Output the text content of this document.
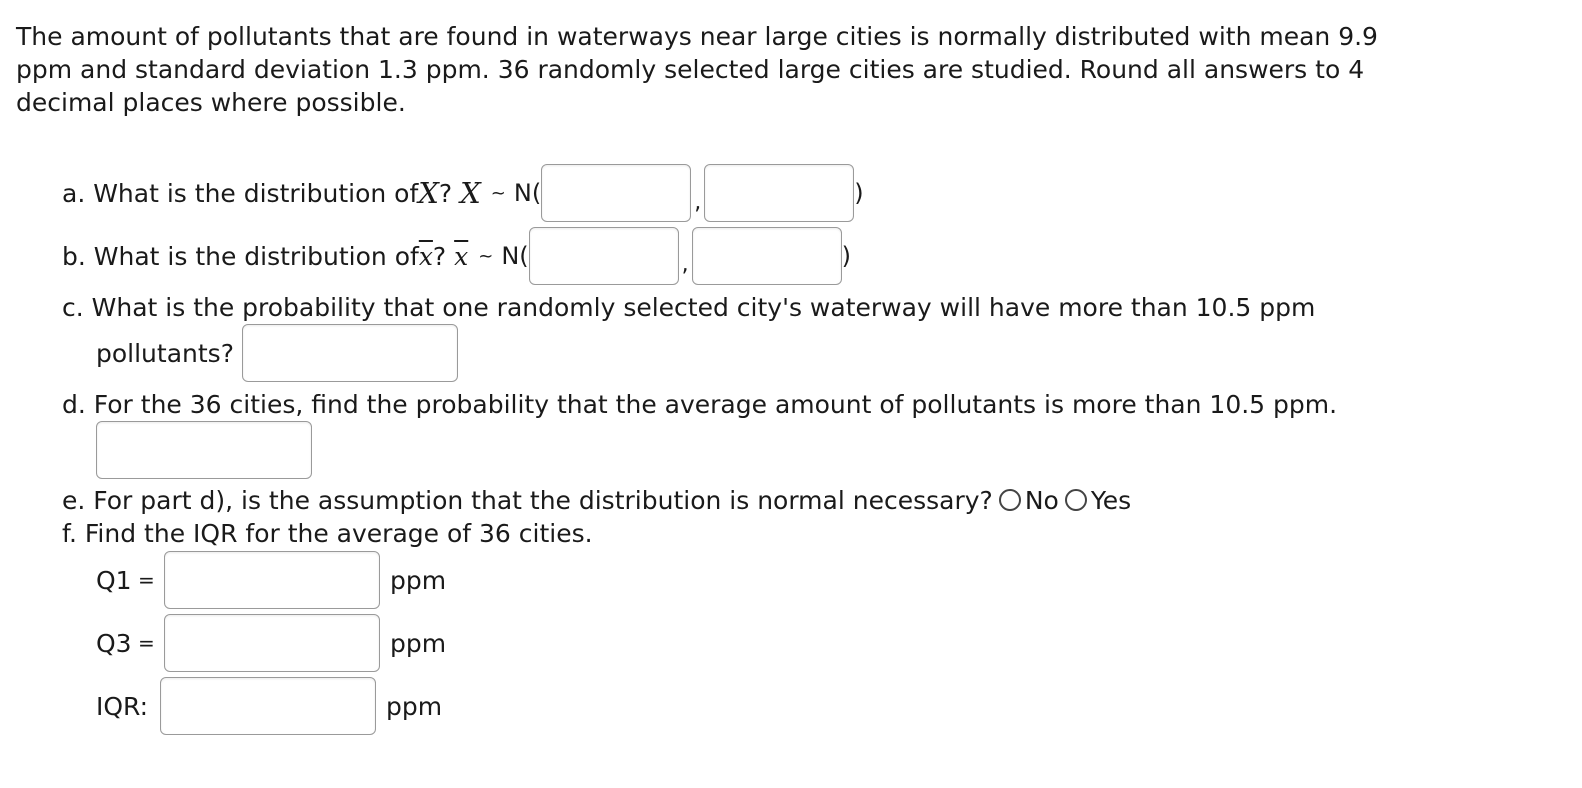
The amount of pollutants that are found in waterways near large cities is normally distributed with mean 9.9 ppm and standard deviation 1.3 ppm. 36 randomly selected large cities are studied. Round all answers to 4 decimal places where possible.

a. What is the distribution of X ? X ~ N(	,	)
b. What is the distribution of $\overline{x}$ ? $\overline{x}$ ~ N(	,	)
c. What is the probability that one randomly selected city's waterway will have more than 10.5 ppm
pollutants?
d. For the 36 cities, find the probability that the average amount of pollutants is more than 10.5 ppm.
e. For part d), is the assumption that the distribution is normal necessary? No Yes
f. Find the IQR for the average of 36 cities.
Q1 =	ppm
Q3 =	ppm
IQR:	ppm
